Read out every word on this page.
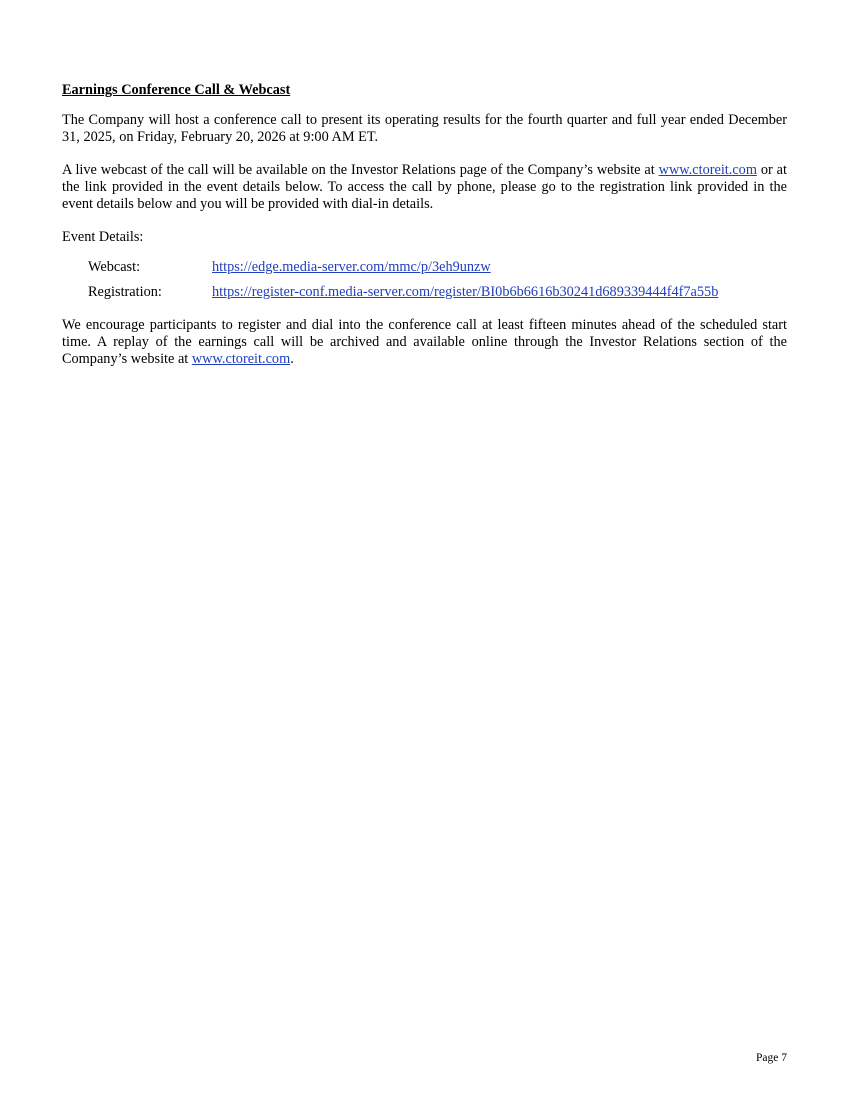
Earnings Conference Call & Webcast

The Company will host a conference call to present its operating results for the fourth quarter and full year ended December 31, 2025, on Friday, February 20, 2026 at 9:00 AM ET.

A live webcast of the call will be available on the Investor Relations page of the Company’s website at www.ctoreit.com or at the link provided in the event details below. To access the call by phone, please go to the registration link provided in the event details below and you will be provided with dial-in details.

Event Details:
Webcast:	https://edge.media-server.com/mmc/p/3eh9unzw
Registration:	https://register-conf.media-server.com/register/BI0b6b6616b30241d689339444f4f7a55b

We encourage participants to register and dial into the conference call at least fifteen minutes ahead of the scheduled start time. A replay of the earnings call will be archived and available online through the Investor Relations section of the Company’s website at www.ctoreit.com.

Page 7
